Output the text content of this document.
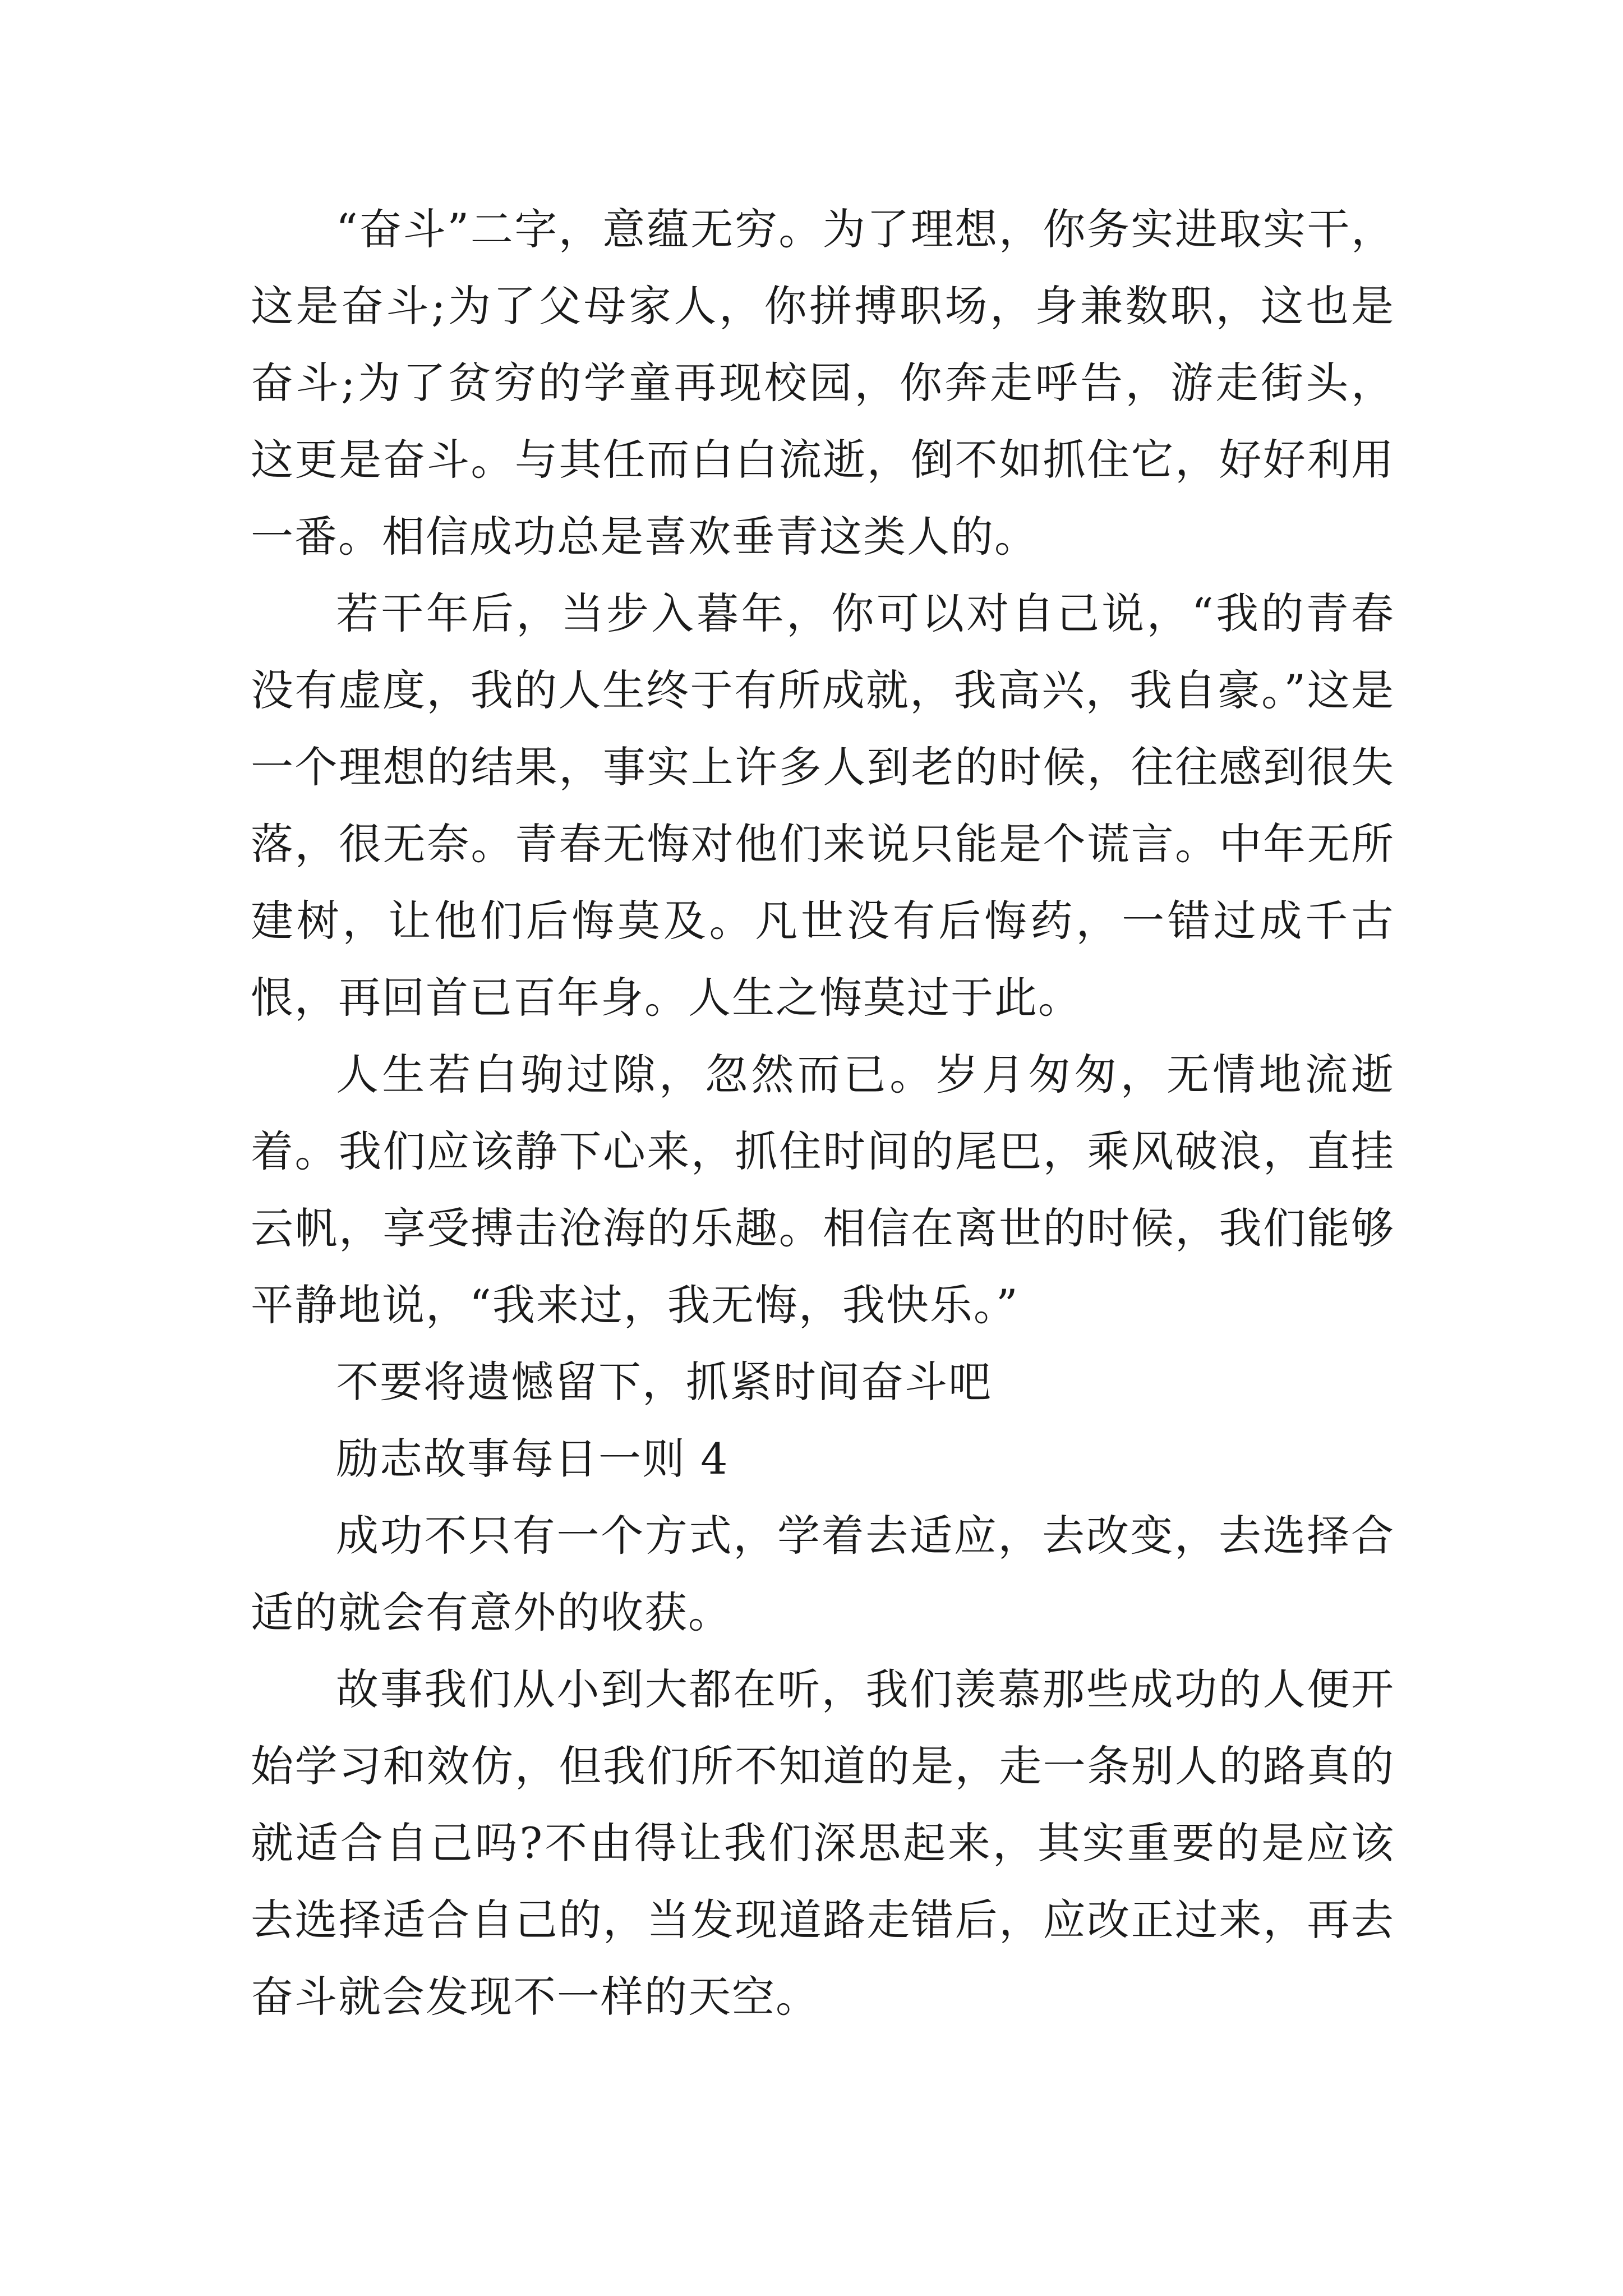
“奋斗”二字，意蕴无穷。为了理想，你务实进取实干，这是奋斗;为了父母家人，你拼搏职场，身兼数职，这也是奋斗;为了贫穷的学童再现校园，你奔走呼告，游走街头，这更是奋斗。与其任而白白流逝，倒不如抓住它，好好利用一番。相信成功总是喜欢垂青这类人的。

若干年后，当步入暮年，你可以对自己说，“我的青春没有虚度，我的人生终于有所成就，我高兴，我自豪。”这是一个理想的结果，事实上许多人到老的时候，往往感到很失落，很无奈。青春无悔对他们来说只能是个谎言。中年无所建树，让他们后悔莫及。凡世没有后悔药，一错过成千古恨，再回首已百年身。人生之悔莫过于此。

人生若白驹过隙，忽然而已。岁月匆匆，无情地流逝着。我们应该静下心来，抓住时间的尾巴，乘风破浪，直挂云帆，享受搏击沧海的乐趣。相信在离世的时候，我们能够平静地说，“我来过，我无悔，我快乐。”

不要将遗憾留下，抓紧时间奋斗吧

励志故事每日一则 4

成功不只有一个方式，学着去适应，去改变，去选择合适的就会有意外的收获。

故事我们从小到大都在听，我们羡慕那些成功的人便开始学习和效仿，但我们所不知道的是，走一条别人的路真的就适合自己吗?不由得让我们深思起来，其实重要的是应该去选择适合自己的，当发现道路走错后，应改正过来，再去奋斗就会发现不一样的天空。
